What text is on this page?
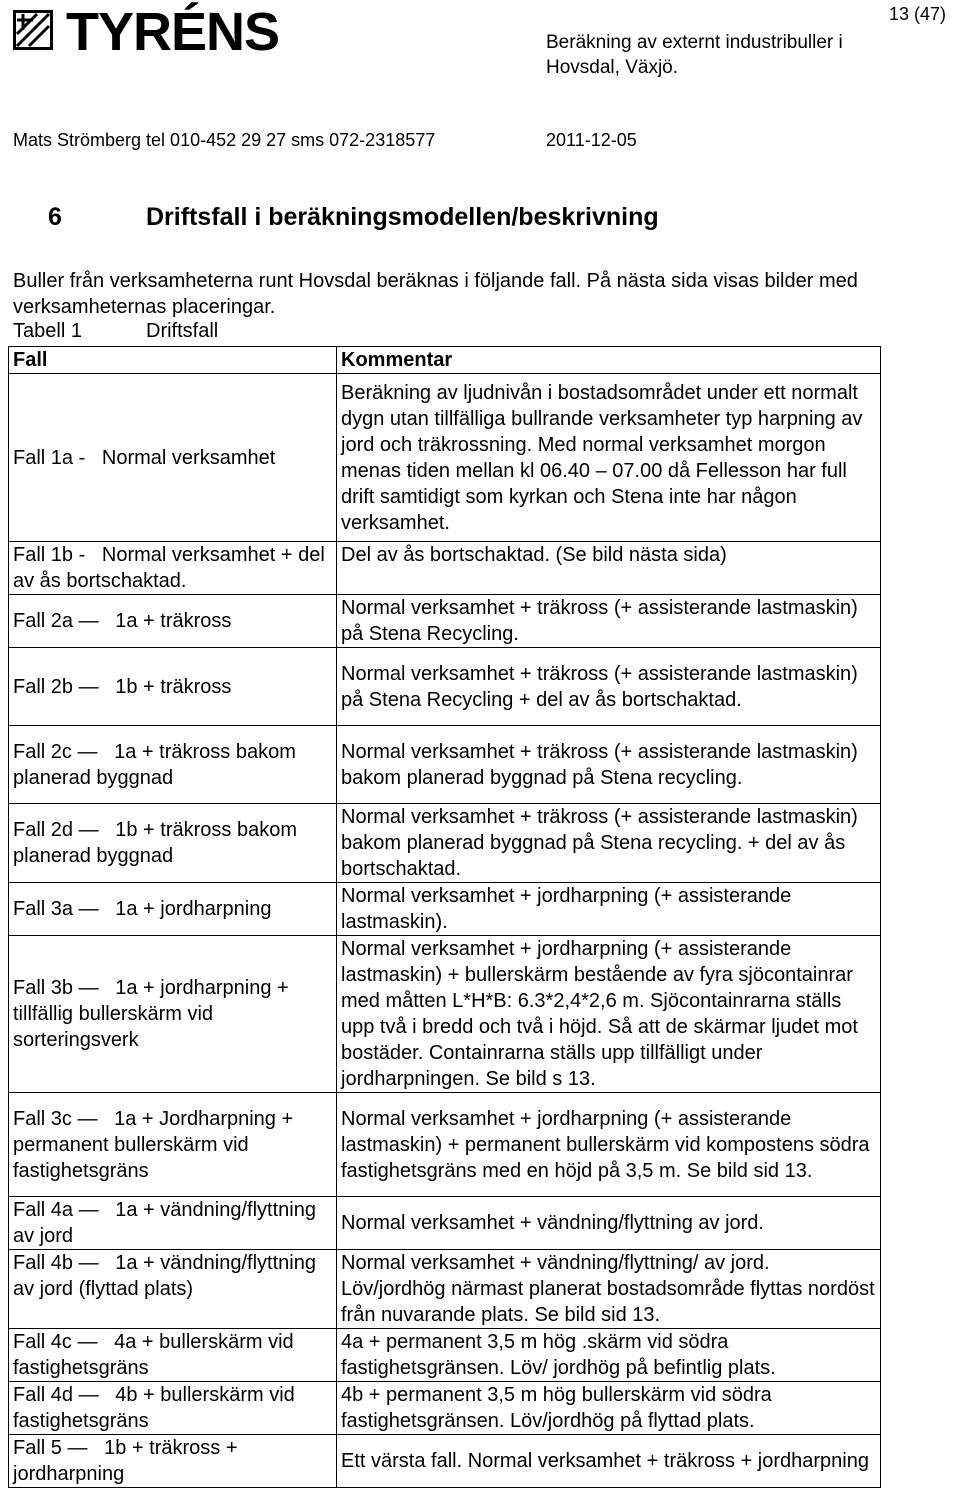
TYRÉNS	13 (47)
Beräkning av externt industribuller i Hovsdal, Växjö.
Mats Strömberg tel 010-452 29 27 sms 072-2318577	2011-12-05
6	Driftsfall i beräkningsmodellen/beskrivning
Buller från verksamheterna runt Hovsdal beräknas i följande fall. På nästa sida visas bilder med verksamheternas placeringar.
Tabell 1	Driftsfall
Fall	Kommentar
Fall 1a -   Normal verksamhet	Beräkning av ljudnivån i bostadsområdet under ett normalt dygn utan tillfälliga bullrande verksamheter typ harpning av jord och träkrossning. Med normal verksamhet morgon menas tiden mellan kl 06.40 – 07.00 då Fellesson har full drift samtidigt som kyrkan och Stena inte har någon verksamhet.
Fall 1b -   Normal verksamhet + del av ås bortschaktad.	Del av ås bortschaktad. (Se bild nästa sida)
Fall 2a —   1a + träkross	Normal verksamhet + träkross (+ assisterande lastmaskin) på Stena Recycling.
Fall 2b —   1b + träkross	Normal verksamhet + träkross (+ assisterande lastmaskin) på Stena Recycling + del av ås bortschaktad.
Fall 2c —   1a + träkross bakom planerad byggnad	Normal verksamhet + träkross (+ assisterande lastmaskin) bakom planerad byggnad på Stena recycling.
Fall 2d —   1b + träkross bakom planerad byggnad	Normal verksamhet + träkross (+ assisterande lastmaskin) bakom planerad byggnad på Stena recycling. + del av ås bortschaktad.
Fall 3a —   1a + jordharpning	Normal verksamhet + jordharpning (+ assisterande lastmaskin).
Fall 3b —   1a + jordharpning + tillfällig bullerskärm vid sorteringsverk	Normal verksamhet + jordharpning (+ assisterande lastmaskin) + bullerskärm bestående av fyra sjöcontainrar med måtten L*H*B: 6.3*2,4*2,6 m. Sjöcontainrarna ställs upp två i bredd och två i höjd. Så att de skärmar ljudet mot bostäder. Containrarna ställs upp tillfälligt under jordharpningen. Se bild s 13.
Fall 3c —   1a + Jordharpning + permanent bullerskärm vid fastighetsgräns	Normal verksamhet + jordharpning (+ assisterande lastmaskin) + permanent bullerskärm vid kompostens södra fastighetsgräns med en höjd på 3,5 m. Se bild sid 13.
Fall 4a —   1a + vändning/flyttning av jord	Normal verksamhet + vändning/flyttning av jord.
Fall 4b —   1a + vändning/flyttning av jord (flyttad plats)	Normal verksamhet + vändning/flyttning/ av jord. Löv/jordhög närmast planerat bostadsområde flyttas nordöst från nuvarande plats. Se bild sid 13.
Fall 4c —   4a + bullerskärm vid fastighetsgräns	4a + permanent 3,5 m hög .skärm vid södra fastighetsgränsen. Löv/ jordhög på befintlig plats.
Fall 4d —   4b + bullerskärm vid fastighetsgräns	4b + permanent 3,5 m hög bullerskärm vid södra fastighetsgränsen. Löv/jordhög på flyttad plats.
Fall 5 —   1b + träkross + jordharpning	Ett värsta fall. Normal verksamhet + träkross + jordharpning
